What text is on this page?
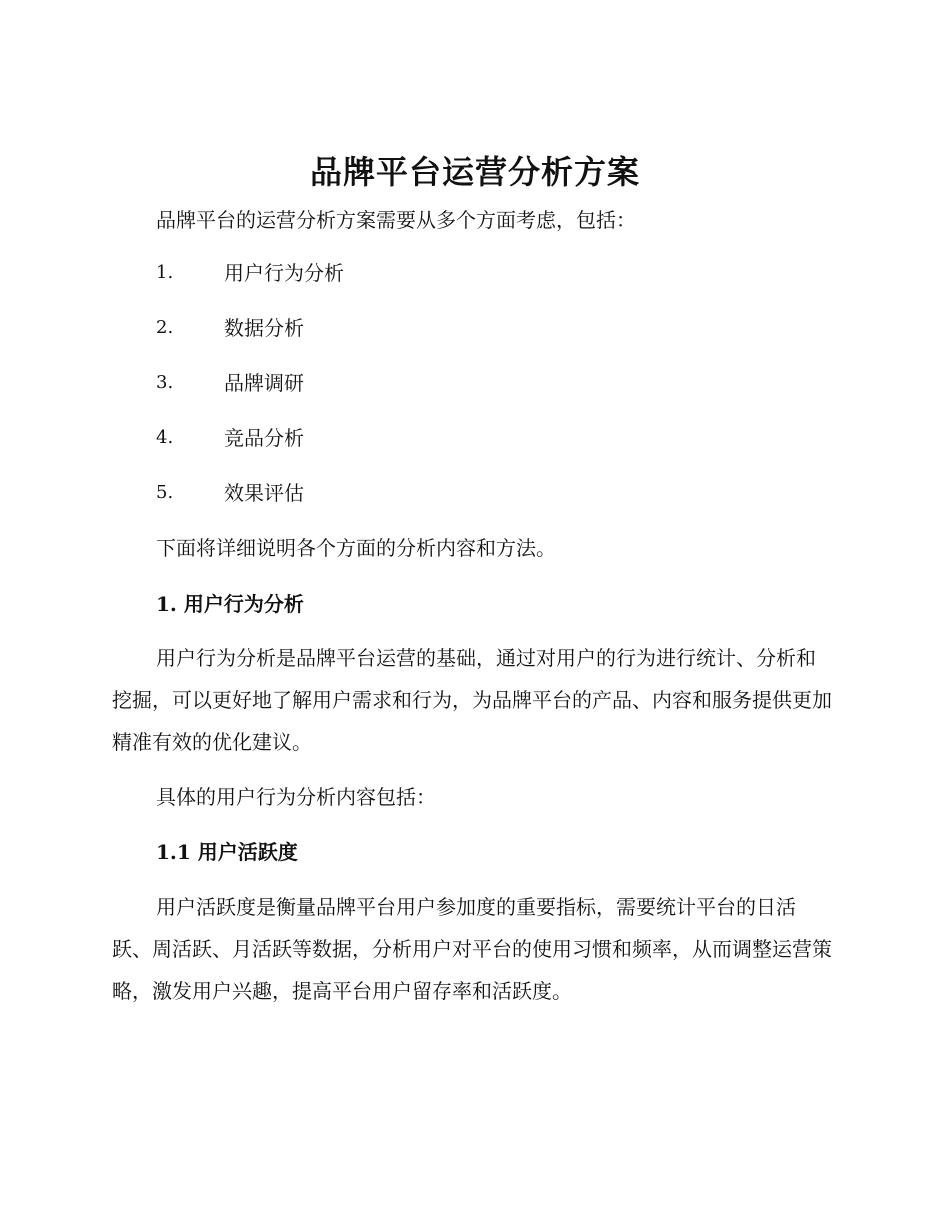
品牌平台运营分析方案
品牌平台的运营分析方案需要从多个方面考虑，包括：
1.	用户行为分析
2.	数据分析
3.	品牌调研
4.	竞品分析
5.	效果评估
下面将详细说明各个方面的分析内容和方法。
1. 用户行为分析
用户行为分析是品牌平台运营的基础，通过对用户的行为进行统计、分析和挖掘，可以更好地了解用户需求和行为，为品牌平台的产品、内容和服务提供更加精准有效的优化建议。
具体的用户行为分析内容包括：
1.1 用户活跃度
用户活跃度是衡量品牌平台用户参加度的重要指标，需要统计平台的日活跃、周活跃、月活跃等数据，分析用户对平台的使用习惯和频率，从而调整运营策略，激发用户兴趣，提高平台用户留存率和活跃度。
